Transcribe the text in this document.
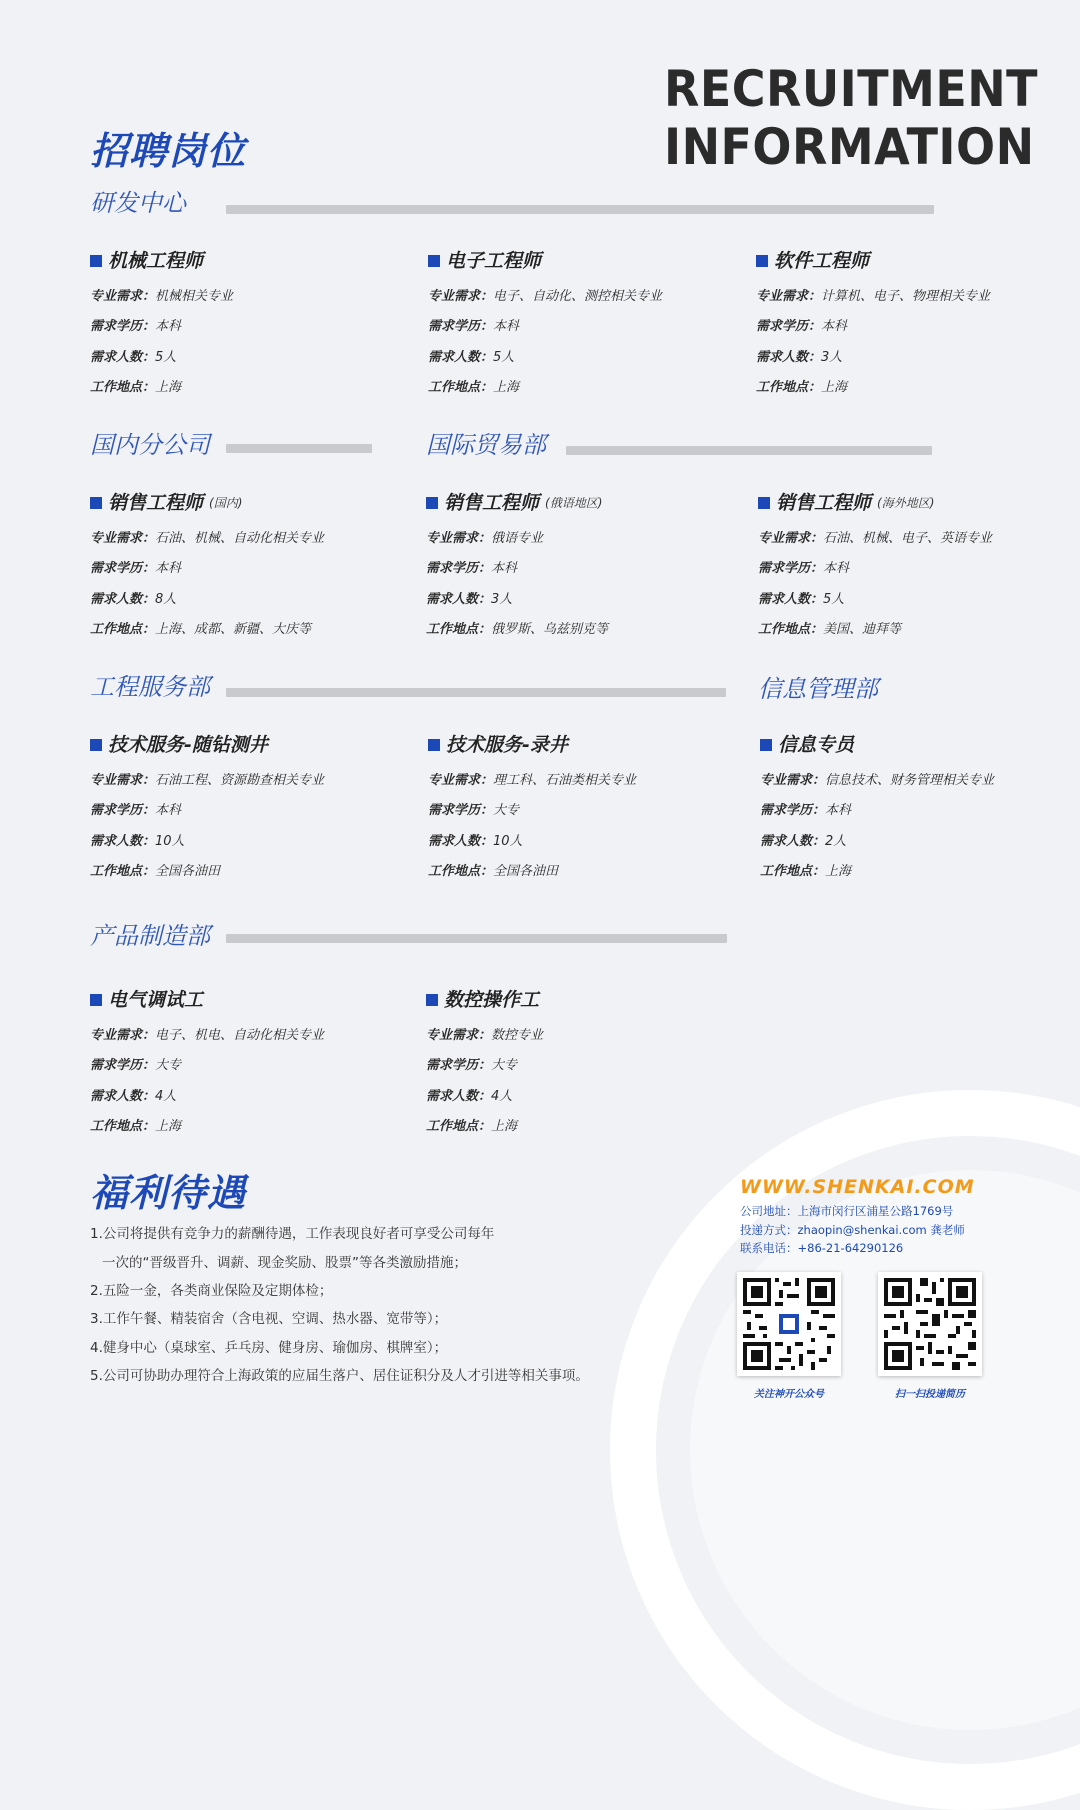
RECRUITMENT
INFORMATION
招聘岗位
研发中心
国内分公司	国际贸易部
工程服务部	信息管理部
产品制造部
机械工程师
专业需求：机械相关专业
需求学历：本科
需求人数：5人
工作地点：上海
电子工程师
专业需求：电子、自动化、测控相关专业
需求学历：本科
需求人数：5人
工作地点：上海
软件工程师
专业需求：计算机、电子、物理相关专业
需求学历：本科
需求人数：3人
工作地点：上海
销售工程师 (国内)
专业需求：石油、机械、自动化相关专业
需求学历：本科
需求人数：8人
工作地点：上海、成都、新疆、大庆等
销售工程师 (俄语地区)
专业需求：俄语专业
需求学历：本科
需求人数：3人
工作地点：俄罗斯、乌兹别克等
销售工程师 (海外地区)
专业需求：石油、机械、电子、英语专业
需求学历：本科
需求人数：5人
工作地点：美国、迪拜等
技术服务-随钻测井
专业需求：石油工程、资源勘查相关专业
需求学历：本科
需求人数：10人
工作地点：全国各油田
技术服务-录井
专业需求：理工科、石油类相关专业
需求学历：大专
需求人数：10人
工作地点：全国各油田
信息专员
专业需求：信息技术、财务管理相关专业
需求学历：本科
需求人数：2人
工作地点：上海
电气调试工
专业需求：电子、机电、自动化相关专业
需求学历：大专
需求人数：4人
工作地点：上海
数控操作工
专业需求：数控专业
需求学历：大专
需求人数：4人
工作地点：上海
福利待遇
1.公司将提供有竞争力的薪酬待遇，工作表现良好者可享受公司每年
一次的“晋级晋升、调薪、现金奖励、股票”等各类激励措施；
2.五险一金，各类商业保险及定期体检；
3.工作午餐、精装宿舍（含电视、空调、热水器、宽带等）；
4.健身中心（桌球室、乒乓房、健身房、瑜伽房、棋牌室）；
5.公司可协助办理符合上海政策的应届生落户、居住证积分及人才引进等相关事项。
WWW.SHENKAI.COM
公司地址：上海市闵行区浦星公路1769号
投递方式：zhaopin@shenkai.com 龚老师
联系电话：+86-21-64290126
关注神开公众号	扫一扫投递简历
